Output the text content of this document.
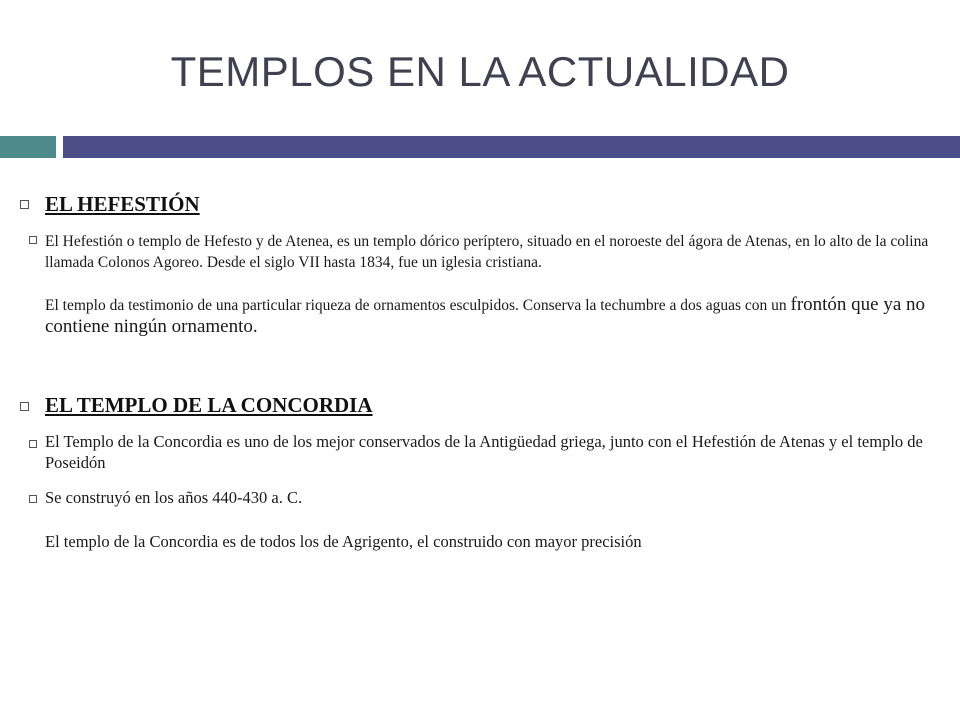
TEMPLOS EN LA ACTUALIDAD
EL HEFESTIÓN
El Hefestión o templo de Hefesto y de Atenea, es un templo dórico períptero, situado en el noroeste del ágora de Atenas, en lo alto de la colina llamada Colonos Agoreo. Desde el siglo VII hasta 1834, fue un iglesia cristiana.
El templo da testimonio de una particular riqueza de ornamentos esculpidos. Conserva la techumbre a dos aguas con un frontón que ya no contiene ningún ornamento.
EL TEMPLO DE LA CONCORDIA
El Templo de la Concordia es uno de los mejor conservados de la Antigüedad griega, junto con el Hefestión de Atenas y el templo de Poseidón
Se construyó en los años 440-430 a. C.
El templo de la Concordia es de todos los de Agrigento, el construido con mayor precisión
